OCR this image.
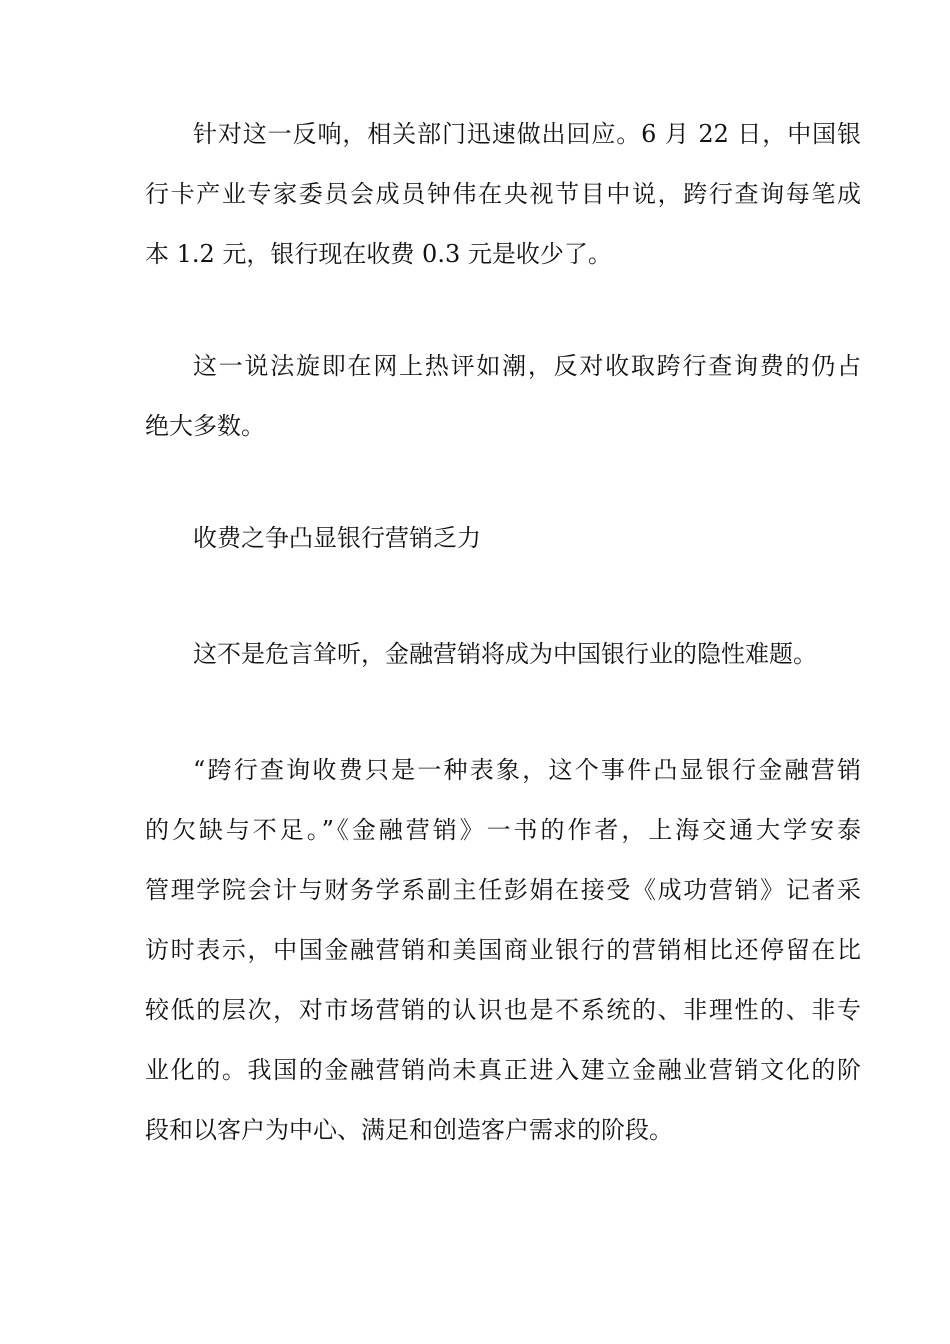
针对这一反响，相关部门迅速做出回应。6 月 22 日，中国银
行卡产业专家委员会成员钟伟在央视节目中说，跨行查询每笔成
本 1.2 元，银行现在收费 0.3 元是收少了。
这一说法旋即在网上热评如潮，反对收取跨行查询费的仍占
绝大多数。
收费之争凸显银行营销乏力
这不是危言耸听，金融营销将成为中国银行业的隐性难题。
“跨行查询收费只是一种表象，这个事件凸显银行金融营销
的欠缺与不足。”《金融营销》一书的作者，上海交通大学安泰
管理学院会计与财务学系副主任彭娟在接受《成功营销》记者采
访时表示，中国金融营销和美国商业银行的营销相比还停留在比
较低的层次，对市场营销的认识也是不系统的、非理性的、非专
业化的。我国的金融营销尚未真正进入建立金融业营销文化的阶
段和以客户为中心、满足和创造客户需求的阶段。
